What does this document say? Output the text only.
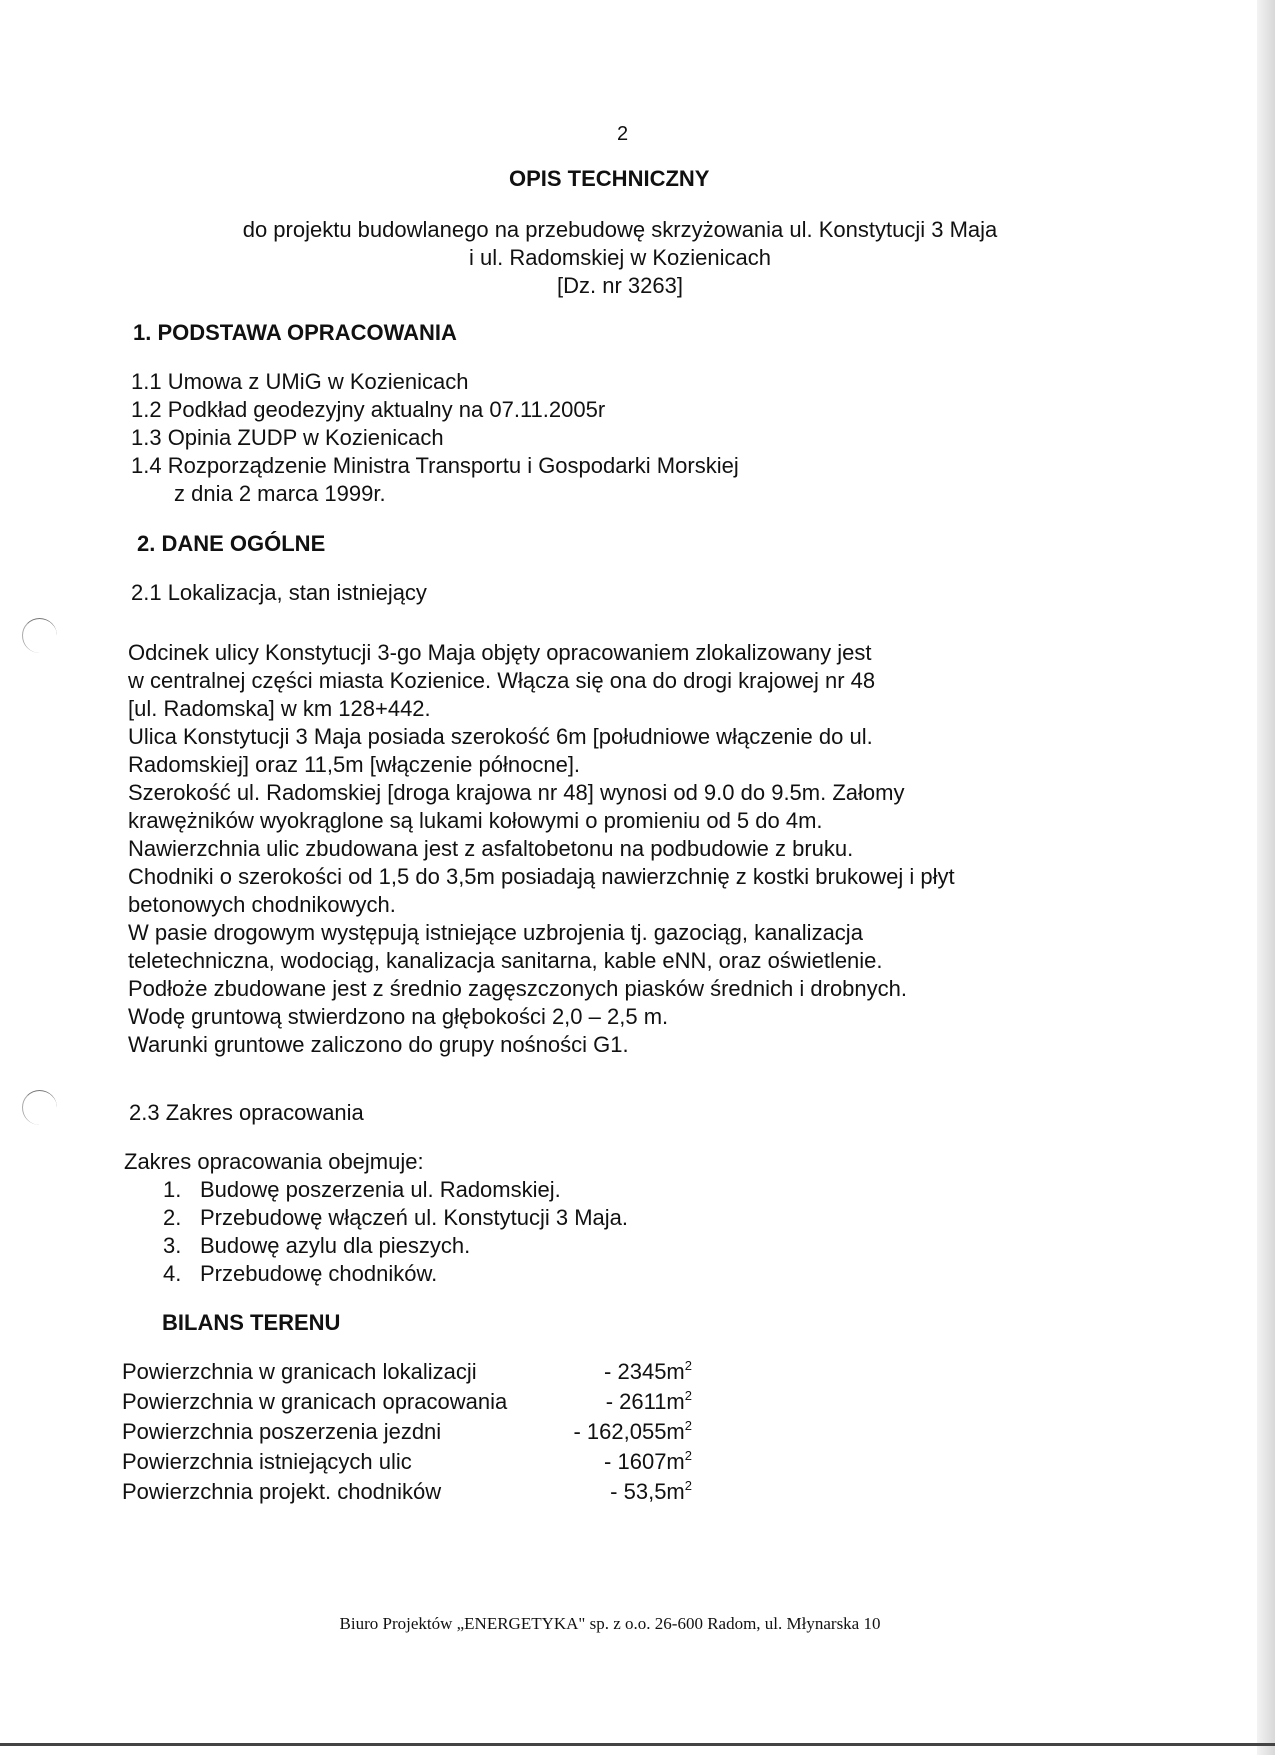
2
OPIS TECHNICZNY
do projektu budowlanego na przebudowę skrzyżowania ul. Konstytucji 3 Maja
i ul. Radomskiej w Kozienicach
[Dz. nr 3263]
1. PODSTAWA OPRACOWANIA
1.1 Umowa z UMiG w Kozienicach
1.2 Podkład geodezyjny aktualny na 07.11.2005r
1.3 Opinia ZUDP w Kozienicach
1.4 Rozporządzenie Ministra Transportu i Gospodarki Morskiej
z dnia 2 marca 1999r.
2. DANE OGÓLNE
2.1 Lokalizacja, stan istniejący
Odcinek ulicy Konstytucji 3-go Maja objęty opracowaniem zlokalizowany jest
w centralnej części miasta Kozienice. Włącza się ona do drogi krajowej nr 48
[ul. Radomska] w km 128+442.
Ulica Konstytucji 3 Maja posiada szerokość 6m [południowe włączenie do ul.
Radomskiej] oraz 11,5m [włączenie północne].
Szerokość ul. Radomskiej [droga krajowa nr 48] wynosi od 9.0 do 9.5m. Załomy
krawężników wyokrąglone są lukami kołowymi o promieniu od 5 do 4m.
Nawierzchnia ulic zbudowana jest z asfaltobetonu na podbudowie z bruku.
Chodniki o szerokości od 1,5 do 3,5m posiadają nawierzchnię z kostki brukowej i płyt
betonowych chodnikowych.
W pasie drogowym występują istniejące uzbrojenia tj. gazociąg, kanalizacja
teletechniczna, wodociąg, kanalizacja sanitarna, kable eNN, oraz oświetlenie.
Podłoże zbudowane jest z średnio zagęszczonych piasków średnich i drobnych.
Wodę gruntową stwierdzono na głębokości 2,0 – 2,5 m.
Warunki gruntowe zaliczono do grupy nośności G1.
2.3 Zakres opracowania
Zakres opracowania obejmuje:
1. Budowę poszerzenia ul. Radomskiej.
2. Przebudowę włączeń ul. Konstytucji 3 Maja.
3. Budowę azylu dla pieszych.
4. Przebudowę chodników.
BILANS TERENU
Powierzchnia w granicach lokalizacji	- $2345m^2$
Powierzchnia w granicach opracowania	- $2611m^2$
Powierzchnia poszerzenia jezdni	- $162,055m^2$
Powierzchnia istniejących ulic	- $1607m^2$
Powierzchnia projekt. chodników	- $53,5m^2$
Biuro Projektów „ENERGETYKA" sp. z o.o. 26-600 Radom, ul. Młynarska 10
